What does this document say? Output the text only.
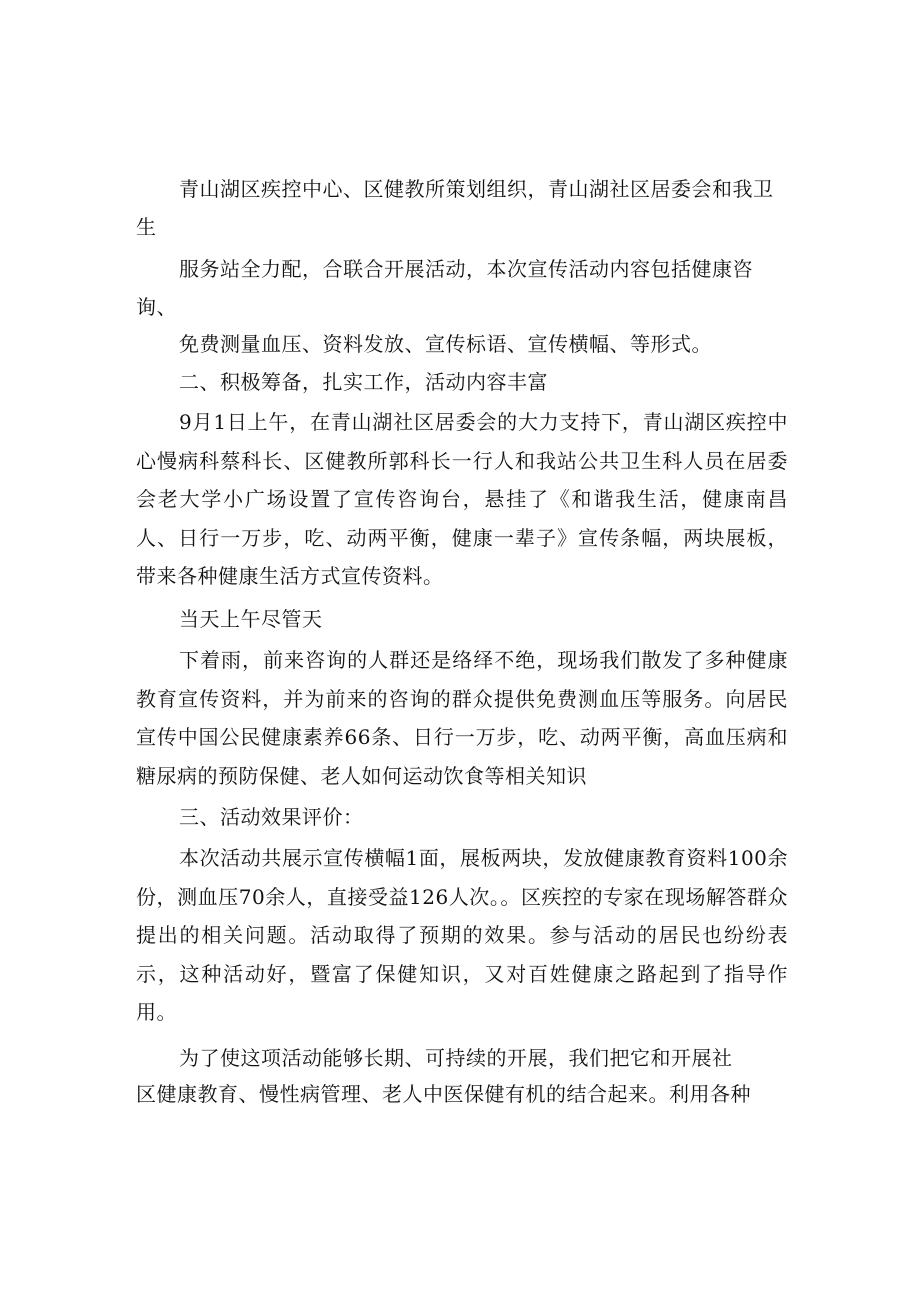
青山湖区疾控中心、区健教所策划组织，青山湖社区居委会和我卫生
服务站全力配，合联合开展活动，本次宣传活动内容包括健康咨询、
免费测量血压、资料发放、宣传标语、宣传横幅、等形式。
二、积极筹备，扎实工作，活动内容丰富
9月1日上午，在青山湖社区居委会的大力支持下，青山湖区疾控中心慢病科蔡科长、区健教所郭科长一行人和我站公共卫生科人员在居委会老大学小广场设置了宣传咨询台，悬挂了《和谐我生活，健康南昌人、日行一万步，吃、动两平衡，健康一辈子》宣传条幅，两块展板，带来各种健康生活方式宣传资料。
当天上午尽管天
下着雨，前来咨询的人群还是络绎不绝，现场我们散发了多种健康教育宣传资料，并为前来的咨询的群众提供免费测血压等服务。向居民宣传中国公民健康素养66条、日行一万步，吃、动两平衡，高血压病和糖尿病的预防保健、老人如何运动饮食等相关知识
三、活动效果评价：
本次活动共展示宣传横幅1面，展板两块，发放健康教育资料100余份，测血压70余人，直接受益126人次。。区疾控的专家在现场解答群众提出的相关问题。活动取得了预期的效果。参与活动的居民也纷纷表示，这种活动好，暨富了保健知识，又对百姓健康之路起到了指导作用。
为了使这项活动能够长期、可持续的开展，我们把它和开展社
区健康教育、慢性病管理、老人中医保健有机的结合起来。利用各种
